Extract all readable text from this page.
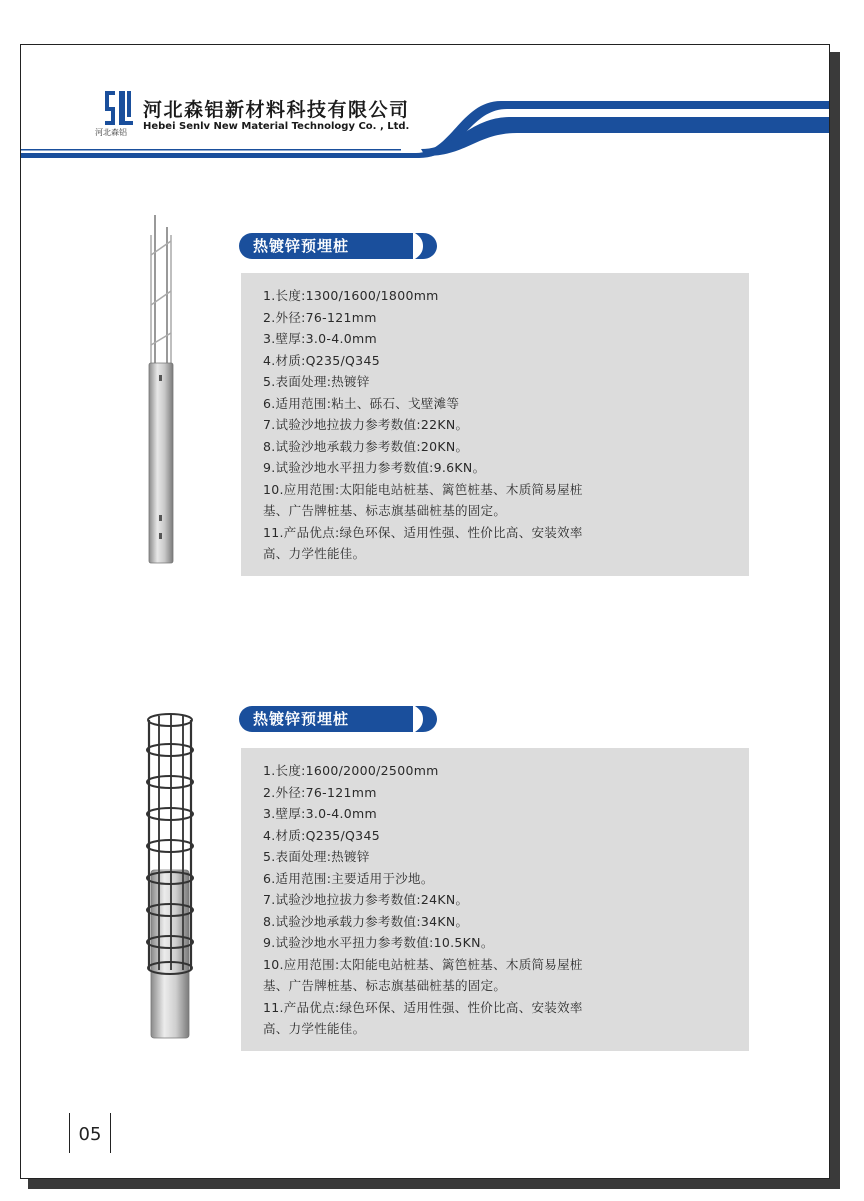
河北森铝
河北森铝新材料科技有限公司
Hebei Senlv New Material Technology Co. , Ltd.
热镀锌预埋桩
1.长度:1300/1600/1800mm
2.外径:76-121mm
3.壁厚:3.0-4.0mm
4.材质:Q235/Q345
5.表面处理:热镀锌
6.适用范围:粘土、砾石、戈壁滩等
7.试验沙地拉拔力参考数值:22KN。
8.试验沙地承载力参考数值:20KN。
9.试验沙地水平扭力参考数值:9.6KN。
10.应用范围:太阳能电站桩基、篱笆桩基、木质简易屋桩
基、广告牌桩基、标志旗基础桩基的固定。
11.产品优点:绿色环保、适用性强、性价比高、安装效率
高、力学性能佳。
热镀锌预埋桩
1.长度:1600/2000/2500mm
2.外径:76-121mm
3.壁厚:3.0-4.0mm
4.材质:Q235/Q345
5.表面处理:热镀锌
6.适用范围:主要适用于沙地。
7.试验沙地拉拔力参考数值:24KN。
8.试验沙地承载力参考数值:34KN。
9.试验沙地水平扭力参考数值:10.5KN。
10.应用范围:太阳能电站桩基、篱笆桩基、木质简易屋桩
基、广告牌桩基、标志旗基础桩基的固定。
11.产品优点:绿色环保、适用性强、性价比高、安装效率
高、力学性能佳。
05
